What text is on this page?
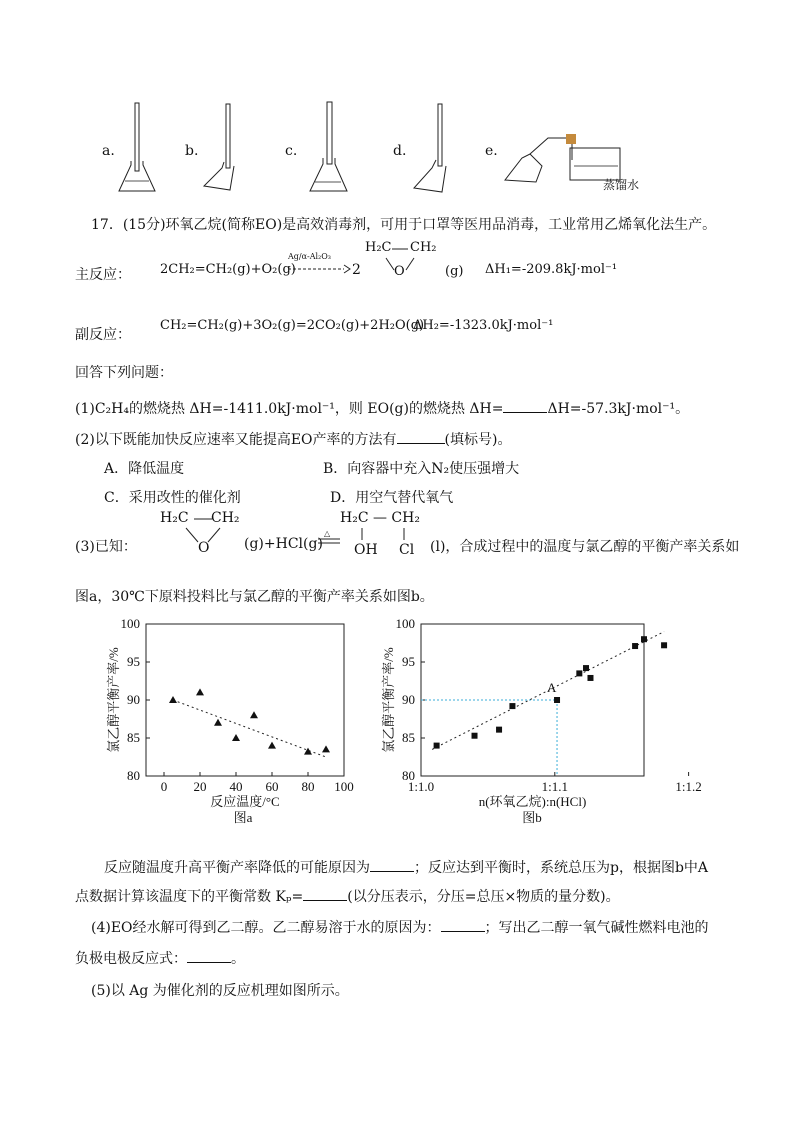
a.	b.	c.	d.	e.
蒸馏水
17．(15分)环氧乙烷(简称EO)是高效消毒剂，可用于口罩等医用品消毒，工业常用乙烯氧化法生产。
主反应： 2CH₂=CH₂(g)+O₂(g)
Ag/α-Al₂O₃
2
H₂C CH₂
O	(g) ΔH₁=-209.8kJ·mol⁻¹
副反应：
CH₂=CH₂(g)+3O₂(g)=2CO₂(g)+2H₂O(g)
ΔH₂=-1323.0kJ·mol⁻¹
回答下列问题：
(1)C₂H₄的燃烧热 ΔH=-1411.0kJ·mol⁻¹，则 EO(g)的燃烧热 ΔH=	ΔH=-57.3kJ·mol⁻¹。
(2)以下既能加快反应速率又能提高EO产率的方法有	(填标号)。
A．降低温度	B．向容器中充入N₂使压强增大
C．采用改性的催化剂	D．用空气替代氧气
(3)已知：
H₂C CH₂
O (g)+HCl(g)
△
H₂C — CH₂
OH Cl (l)，合成过程中的温度与氯乙醇的平衡产率关系如
图a，30℃下原料投料比与氯乙醇的平衡产率关系如图b。
80
85
90
95
100
0 20 40 60 80 100
反应温度/°C
氯乙醇平衡产率/%
图a
80
85
90
95
100
1:1.0	1:1.1	1:1.2
n(环氧乙烷):n(HCl)
氯乙醇平衡产率/%
图b
A
反应随温度升高平衡产率降低的可能原因为	；反应达到平衡时，系统总压为p，根据图b中A
点数据计算该温度下的平衡常数 Kₚ=	(以分压表示，分压=总压×物质的量分数)。
(4)EO经水解可得到乙二醇。乙二醇易溶于水的原因为：	；写出乙二醇一氧气碱性燃料电池的
负极电极反应式：	。
(5)以 Ag 为催化剂的反应机理如图所示。
